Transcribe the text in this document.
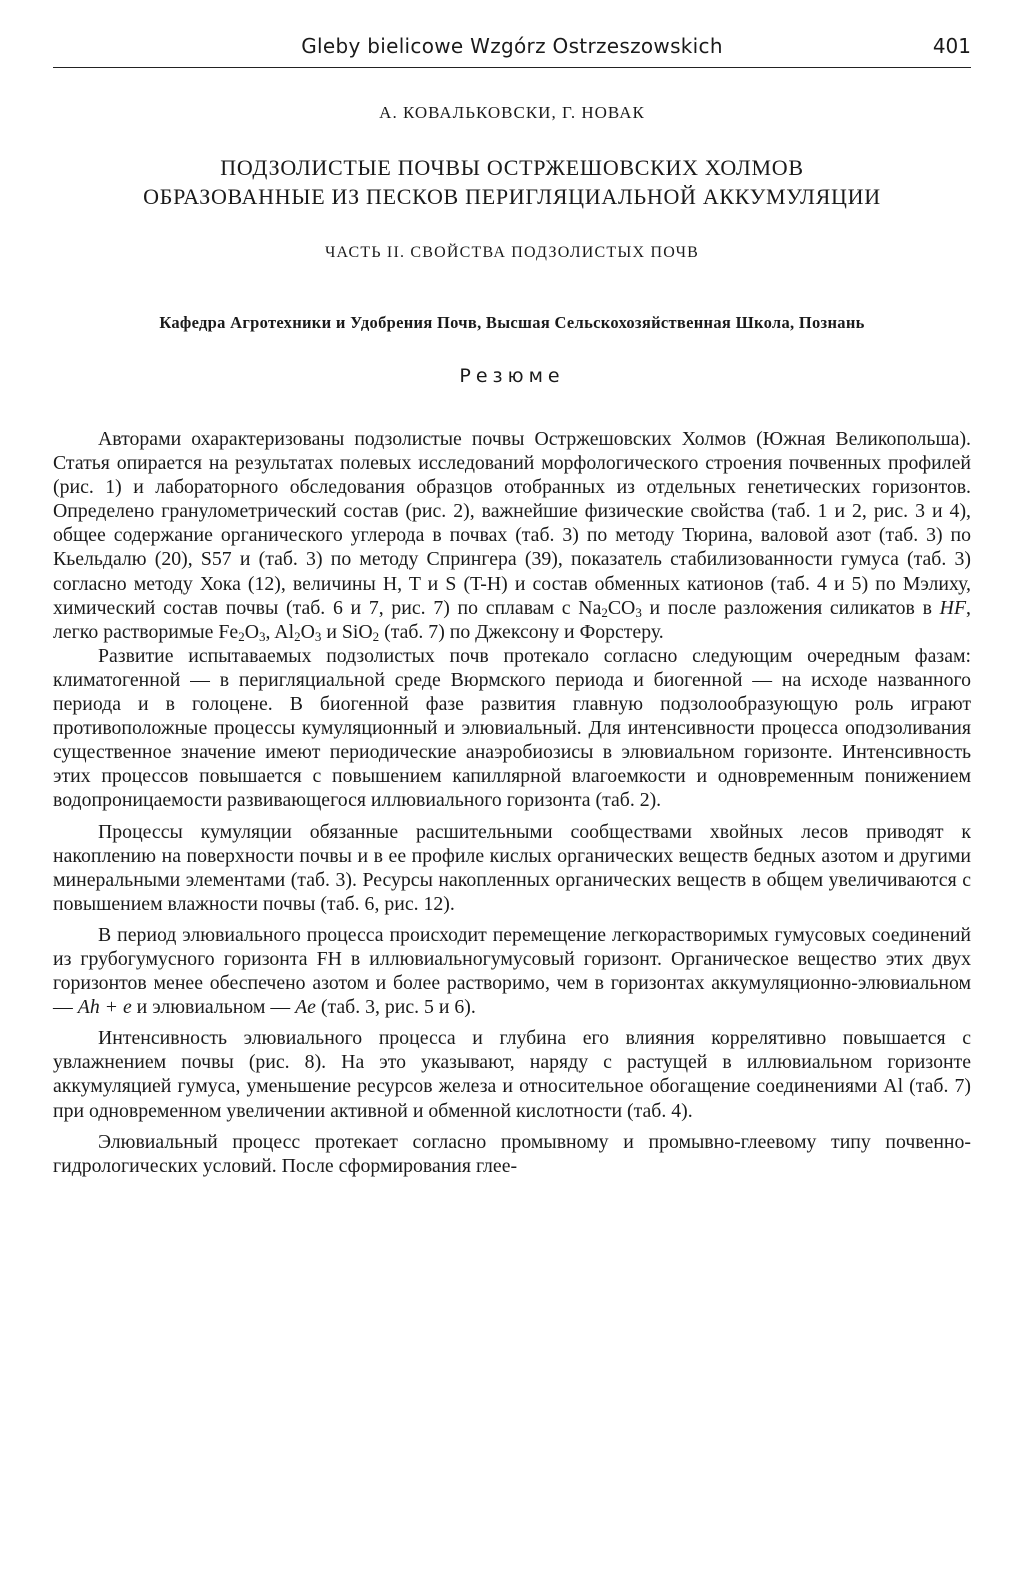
Gleby bielicowe Wzgórz Ostrzeszowskich	401
А. КОВАЛЬКОВСКИ, Г. НОВАК
ПОДЗОЛИСТЫЕ ПОЧВЫ ОСТРЖЕШОВСКИХ ХОЛМОВ
ОБРАЗОВАННЫЕ ИЗ ПЕСКОВ ПЕРИГЛЯЦИАЛЬНОЙ АККУМУЛЯЦИИ
ЧАСТЬ II. СВОЙСТВА ПОДЗОЛИСТЫХ ПОЧВ
Кафедра Агротехники и Удобрения Почв, Высшая Сельскохозяйственная Школа, Познань
Резюме

Авторами охарактеризованы подзолистые почвы Остржешовских Холмов (Южная Великопольша). Статья опирается на результатах полевых исследований морфологического строения почвенных профилей (рис. 1) и лабораторного обследования образцов отобранных из отдельных генетических горизонтов. Определено гранулометрический состав (рис. 2), важнейшие физические свойства (таб. 1 и 2, рис. 3 и 4), общее содержание органического углерода в почвах (таб. 3) по методу Тюрина, валовой азот (таб. 3) по Кьельдалю (20), S57 и (таб. 3) по методу Спрингера (39), показатель стабилизованности гумуса (таб. 3) согласно методу Хока (12), величины H, T и S (T-H) и состав обменных катионов (таб. 4 и 5) по Мэлиху, химический состав почвы (таб. 6 и 7, рис. 7) по сплавам с $Na_2CO_3$ и после разложения силикатов в HF, легко растворимые $Fe_2O_3$, $Al_2O_3$ и SiO$_2$ (таб. 7) по Джексону и Форстеру.

Развитие испытаваемых подзолистых почв протекало согласно следующим очередным фазам: климатогенной — в перигляциальной среде Вюрмского периода и биогенной — на исходе названного периода и в голоцене. В биогенной фазе развития главную подзолообразующую роль играют противоположные процессы кумуляционный и элювиальный. Для интенсивности процесса оподзоливания существенное значение имеют периодические анаэробиозисы в элювиальном горизонте. Интенсивность этих процессов повышается с повышением капиллярной влагоемкости и одновременным понижением водопроницаемости развивающегося иллювиального горизонта (таб. 2).

Процессы кумуляции обязанные расшительными сообществами хвойных лесов приводят к накоплению на поверхности почвы и в ее профиле кислых органических веществ бедных азотом и другими минеральными элементами (таб. 3). Ресурсы накопленных органических веществ в общем увеличиваются с повышением влажности почвы (таб. 6, рис. 12).

В период элювиального процесса происходит перемещение легкорастворимых гумусовых соединений из грубогумусного горизонта FH в иллювиальногумусовый горизонт. Органическое вещество этих двух горизонтов менее обеспечено азотом и более растворимо, чем в горизонтах аккумуляционно-элювиальном — Ah + e и элювиальном — Ae (таб. 3, рис. 5 и 6).

Интенсивность элювиального процесса и глубина его влияния коррелятивно повышается с увлажнением почвы (рис. 8). На это указывают, наряду с растущей в иллювиальном горизонте аккумуляцией гумуса, уменьшение ресурсов железа и относительное обогащение соединениями Al (таб. 7) при одновременном увеличении активной и обменной кислотности (таб. 4).

Элювиальный процесс протекает согласно промывному и промывно-глеевому типу почвенно-гидрологических условий. После сформирования глее-
